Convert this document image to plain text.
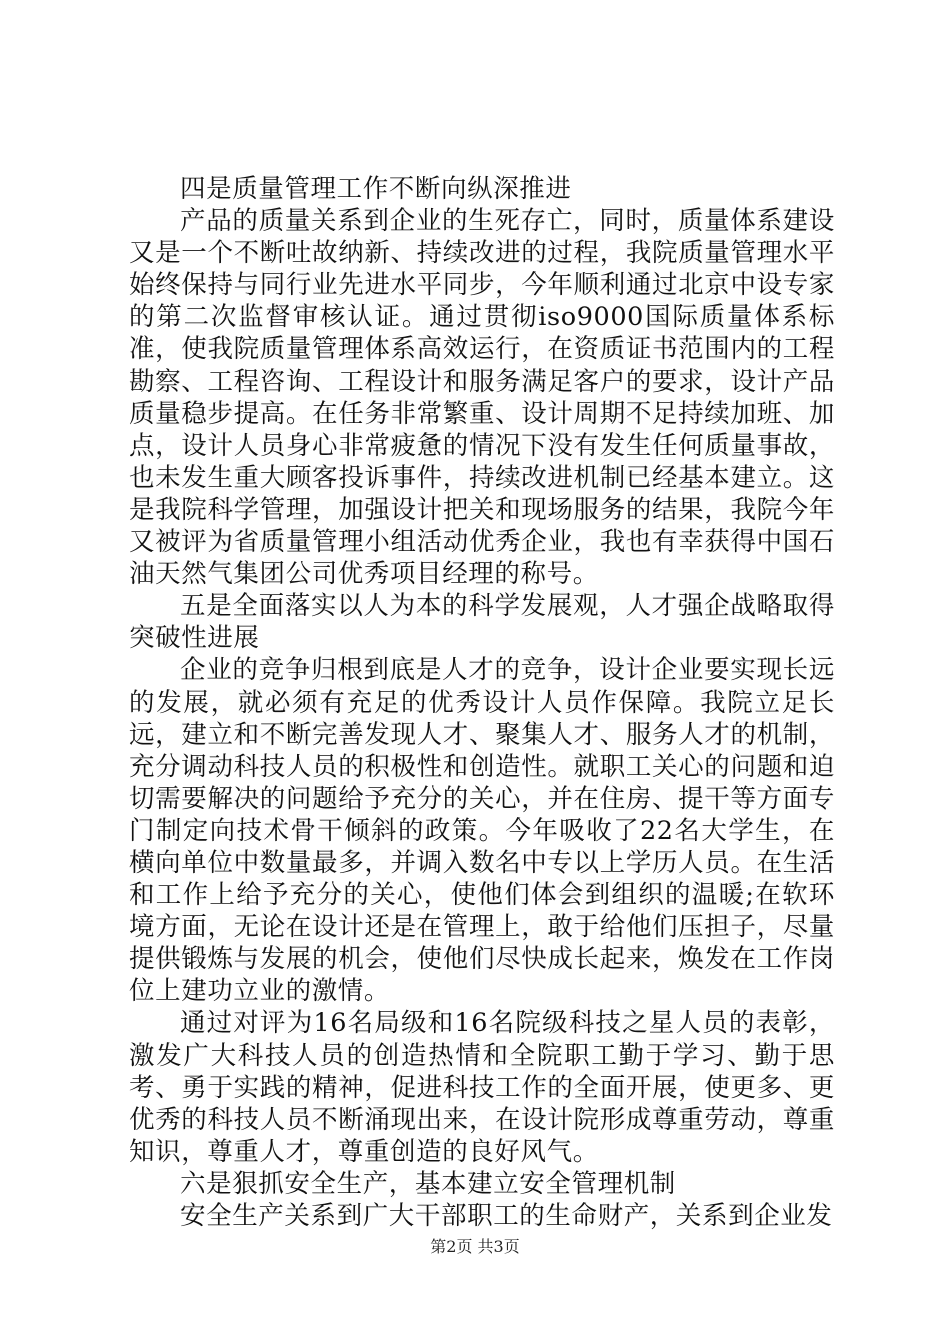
四是质量管理工作不断向纵深推进

产品的质量关系到企业的生死存亡，同时，质量体系建设又是一个不断吐故纳新、持续改进的过程，我院质量管理水平始终保持与同行业先进水平同步，今年顺利通过北京中设专家的第二次监督审核认证。通过贯彻iso9000国际质量体系标准，使我院质量管理体系高效运行，在资质证书范围内的工程勘察、工程咨询、工程设计和服务满足客户的要求，设计产品质量稳步提高。在任务非常繁重、设计周期不足持续加班、加点，设计人员身心非常疲惫的情况下没有发生任何质量事故，也未发生重大顾客投诉事件，持续改进机制已经基本建立。这是我院科学管理，加强设计把关和现场服务的结果，我院今年又被评为省质量管理小组活动优秀企业，我也有幸获得中国石油天然气集团公司优秀项目经理的称号。

五是全面落实以人为本的科学发展观，人才强企战略取得突破性进展

企业的竞争归根到底是人才的竞争，设计企业要实现长远的发展，就必须有充足的优秀设计人员作保障。我院立足长远，建立和不断完善发现人才、聚集人才、服务人才的机制，充分调动科技人员的积极性和创造性。就职工关心的问题和迫切需要解决的问题给予充分的关心，并在住房、提干等方面专门制定向技术骨干倾斜的政策。今年吸收了22名大学生，在横向单位中数量最多，并调入数名中专以上学历人员。在生活和工作上给予充分的关心，使他们体会到组织的温暖;在软环境方面，无论在设计还是在管理上，敢于给他们压担子，尽量提供锻炼与发展的机会，使他们尽快成长起来，焕发在工作岗位上建功立业的激情。

通过对评为16名局级和16名院级科技之星人员的表彰，激发广大科技人员的创造热情和全院职工勤于学习、勤于思考、勇于实践的精神，促进科技工作的全面开展，使更多、更优秀的科技人员不断涌现出来，在设计院形成尊重劳动，尊重知识，尊重人才，尊重创造的良好风气。

六是狠抓安全生产，基本建立安全管理机制

安全生产关系到广大干部职工的生命财产，关系到企业发

第2页 共3页
